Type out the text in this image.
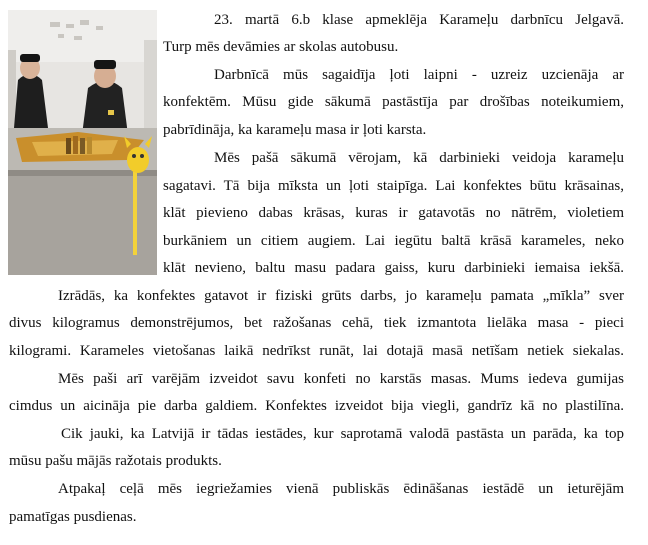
23. martā 6.b klase apmeklēja Karameļu darbnīcu Jelgavā.
Turp mēs devāmies ar skolas autobusu.
Darbnīcā mūs sagaidīja ļoti laipni - uzreiz uzcienāja ar
konfektēm. Mūsu gide sākumā pastāstīja par drošības noteikumiem,
pabrīdināja, ka karameļu masa ir ļoti karsta.
Mēs pašā sākumā vērojam, kā darbinieki veidoja karameļu
sagatavi. Tā bija mīksta un ļoti staipīga. Lai konfektes būtu krāsainas,
klāt pievieno dabas krāsas, kuras ir gatavotās no nātrēm, violetiem
burkāniem un citiem augiem. Lai iegūtu baltā krāsā karameles, neko
klāt nevieno, baltu masu padara gaiss, kuru darbinieki iemaisa iekšā.
Izrādās, ka konfektes gatavot ir fiziski grūts darbs, jo karameļu pamata „mīkla” sver
divus kilogramus demonstrējumos, bet ražošanas cehā, tiek izmantota lielāka masa - pieci
kilogrami. Karameles vietošanas laikā nedrīkst runāt, lai dotajā masā netīšam netiek siekalas.
Mēs paši arī varējām izveidot savu konfeti no karstās masas. Mums iedeva gumijas
cimdus un aicināja pie darba galdiem. Konfektes izveidot bija viegli, gandrīz kā no plastilīna.
Cik jauki, ka Latvijā ir tādas iestādes, kur saprotamā valodā pastāsta un parāda, ka top
mūsu pašu mājās ražotais produkts.
Atpakaļ ceļā mēs iegriežamies vienā publiskās ēdināšanas iestādē un ieturējām
pamatīgas pusdienas.
